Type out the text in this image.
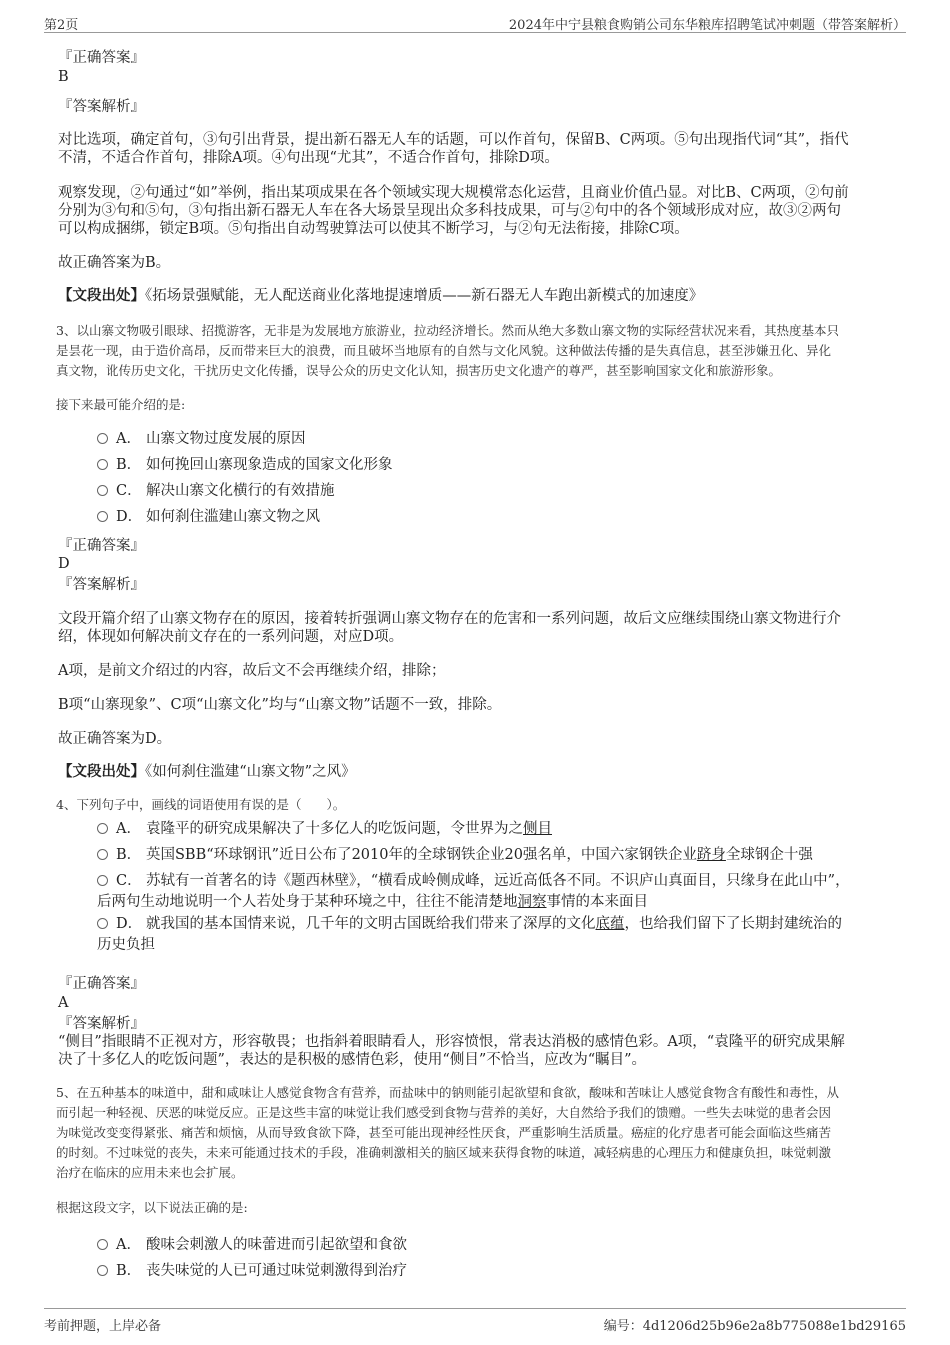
第2页	2024年中宁县粮食购销公司东华粮库招聘笔试冲刺题（带答案解析）
『正确答案』
B
『答案解析』
对比选项，确定首句，③句引出背景，提出新石器无人车的话题，可以作首句，保留B、C两项。⑤句出现指代词“其”，指代
不清，不适合作首句，排除A项。④句出现“尤其”，不适合作首句，排除D项。
观察发现，②句通过“如”举例，指出某项成果在各个领域实现大规模常态化运营，且商业价值凸显。对比B、C两项，②句前
分别为③句和⑤句，③句指出新石器无人车在各大场景呈现出众多科技成果，可与②句中的各个领域形成对应，故③②两句
可以构成捆绑，锁定B项。⑤句指出自动驾驶算法可以使其不断学习，与②句无法衔接，排除C项。
故正确答案为B。
【文段出处】《拓场景强赋能，无人配送商业化落地提速增质——新石器无人车跑出新模式的加速度》
3、以山寨文物吸引眼球、招揽游客，无非是为发展地方旅游业，拉动经济增长。然而从绝大多数山寨文物的实际经营状况来看，其热度基本只
是昙花一现，由于造价高昂，反而带来巨大的浪费，而且破坏当地原有的自然与文化风貌。这种做法传播的是失真信息，甚至涉嫌丑化、异化
真文物，讹传历史文化，干扰历史文化传播，误导公众的历史文化认知，损害历史文化遗产的尊严，甚至影响国家文化和旅游形象。
接下来最可能介绍的是:
A． 山寨文物过度发展的原因
B． 如何挽回山寨现象造成的国家文化形象
C． 解决山寨文化横行的有效措施
D． 如何刹住滥建山寨文物之风
『正确答案』
D
『答案解析』
文段开篇介绍了山寨文物存在的原因，接着转折强调山寨文物存在的危害和一系列问题，故后文应继续围绕山寨文物进行介
绍，体现如何解决前文存在的一系列问题，对应D项。
A项，是前文介绍过的内容，故后文不会再继续介绍，排除；
B项“山寨现象”、C项“山寨文化”均与“山寨文物”话题不一致，排除。
故正确答案为D。
【文段出处】《如何刹住滥建“山寨文物”之风》
4、下列句子中，画线的词语使用有误的是（　　）。
A． 袁隆平的研究成果解决了十多亿人的吃饭问题，令世界为之侧目
B． 英国SBB“环球钢讯”近日公布了2010年的全球钢铁企业20强名单，中国六家钢铁企业跻身全球钢企十强
C． 苏轼有一首著名的诗《题西林壁》，“横看成岭侧成峰，远近高低各不同。不识庐山真面目，只缘身在此山中”，
后两句生动地说明一个人若处身于某种环境之中，往往不能清楚地洞察事情的本来面目
D． 就我国的基本国情来说，几千年的文明古国既给我们带来了深厚的文化底蕴，也给我们留下了长期封建统治的
历史负担
『正确答案』
A
『答案解析』
“侧目”指眼睛不正视对方，形容敬畏；也指斜着眼睛看人，形容愤恨，常表达消极的感情色彩。A项，“袁隆平的研究成果解
决了十多亿人的吃饭问题”，表达的是积极的感情色彩，使用“侧目”不恰当，应改为“瞩目”。
5、在五种基本的味道中，甜和咸味让人感觉食物含有营养，而盐味中的钠则能引起欲望和食欲，酸味和苦味让人感觉食物含有酸性和毒性，从
而引起一种轻视、厌恶的味觉反应。正是这些丰富的味觉让我们感受到食物与营养的美好，大自然给予我们的馈赠。一些失去味觉的患者会因
为味觉改变变得紧张、痛苦和烦恼，从而导致食欲下降，甚至可能出现神经性厌食，严重影响生活质量。癌症的化疗患者可能会面临这些痛苦
的时刻。不过味觉的丧失，未来可能通过技术的手段，准确刺激相关的脑区域来获得食物的味道，减轻病患的心理压力和健康负担，味觉刺激
治疗在临床的应用未来也会扩展。
根据这段文字，以下说法正确的是:
A． 酸味会刺激人的味蕾进而引起欲望和食欲
B． 丧失味觉的人已可通过味觉刺激得到治疗
考前押题，上岸必备	编号：4d1206d25b96e2a8b775088e1bd29165
